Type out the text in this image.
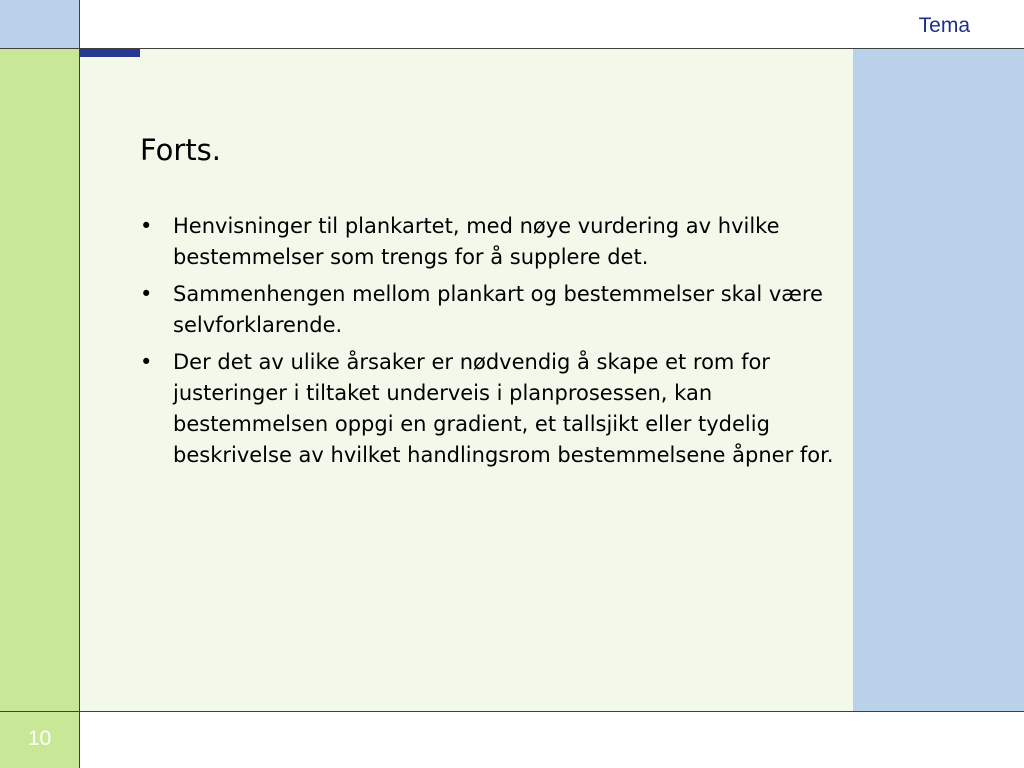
Tema
10
Forts.
• Henvisninger til plankartet, med nøye vurdering av hvilke bestemmelser som trengs for å supplere det.
• Sammenhengen mellom plankart og bestemmelser skal være selvforklarende.
• Der det av ulike årsaker er nødvendig å skape et rom for justeringer i tiltaket underveis i planprosessen, kan bestemmelsen oppgi en gradient, et tallsjikt eller tydelig beskrivelse av hvilket handlingsrom bestemmelsene åpner for.
